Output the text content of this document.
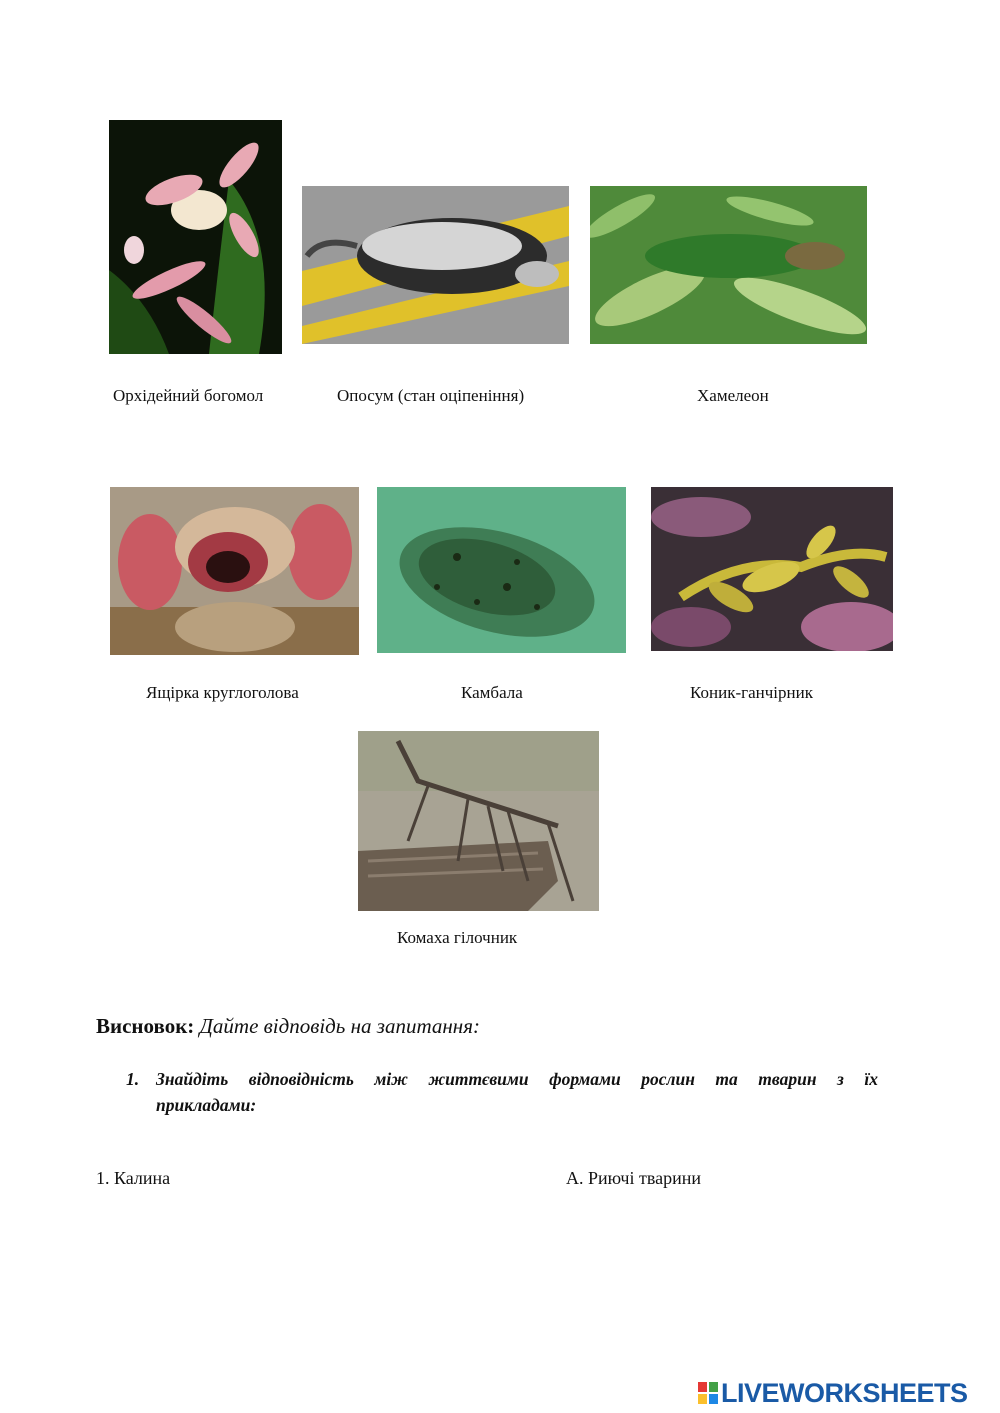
Орхідейний богомол	Опосум (стан оціпеніння)	Хамелеон
Ящірка круглоголова	Камбала	Коник-ганчірник
Комаха гілочник
Висновок: Дайте відповідь на запитання:
1. Знайдіть відповідність між життєвими формами рослин та тварин з їх прикладами:
1. Калина	А. Риючі тварини
LIVEWORKSHEETS
